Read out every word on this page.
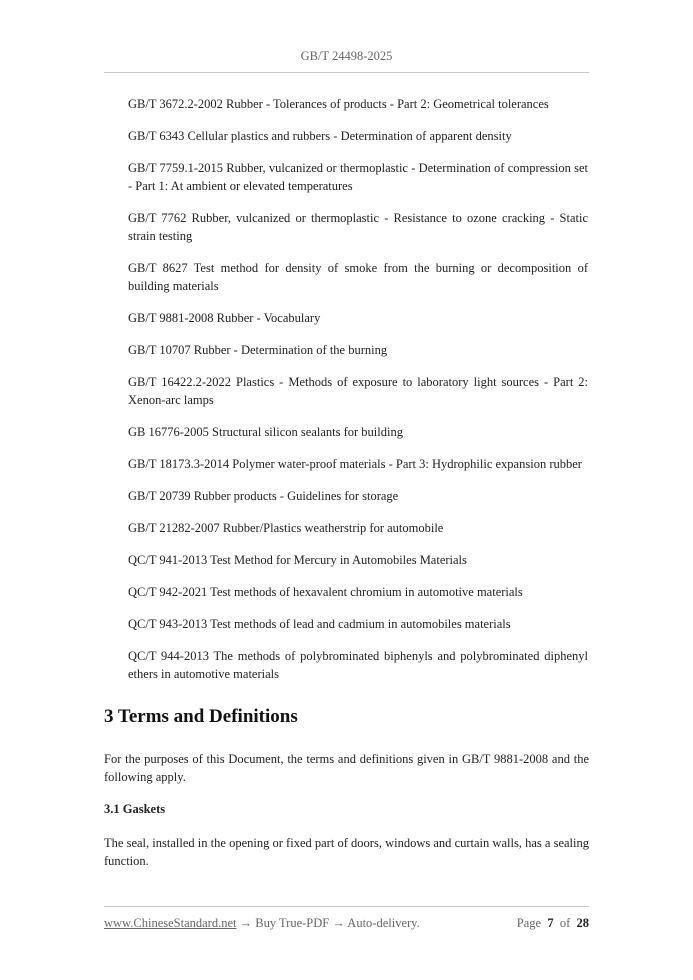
GB/T 24498-2025

GB/T 3672.2-2002 Rubber - Tolerances of products - Part 2: Geometrical tolerances

GB/T 6343 Cellular plastics and rubbers - Determination of apparent density

GB/T 7759.1-2015 Rubber, vulcanized or thermoplastic - Determination of compression set - Part 1: At ambient or elevated temperatures

GB/T 7762 Rubber, vulcanized or thermoplastic - Resistance to ozone cracking - Static strain testing

GB/T 8627 Test method for density of smoke from the burning or decomposition of building materials

GB/T 9881-2008 Rubber - Vocabulary

GB/T 10707 Rubber - Determination of the burning

GB/T 16422.2-2022 Plastics - Methods of exposure to laboratory light sources - Part 2: Xenon-arc lamps

GB 16776-2005 Structural silicon sealants for building

GB/T 18173.3-2014 Polymer water-proof materials - Part 3: Hydrophilic expansion rubber

GB/T 20739 Rubber products - Guidelines for storage

GB/T 21282-2007 Rubber/Plastics weatherstrip for automobile

QC/T 941-2013 Test Method for Mercury in Automobiles Materials

QC/T 942-2021 Test methods of hexavalent chromium in automotive materials

QC/T 943-2013 Test methods of lead and cadmium in automobiles materials

QC/T 944-2013 The methods of polybrominated biphenyls and polybrominated diphenyl ethers in automotive materials

3 Terms and Definitions

For the purposes of this Document, the terms and definitions given in GB/T 9881-2008 and the following apply.

3.1 Gaskets

The seal, installed in the opening or fixed part of doors, windows and curtain walls, has a sealing function.

www.ChineseStandard.net → Buy True-PDF → Auto-delivery.	Page 7 of 28
